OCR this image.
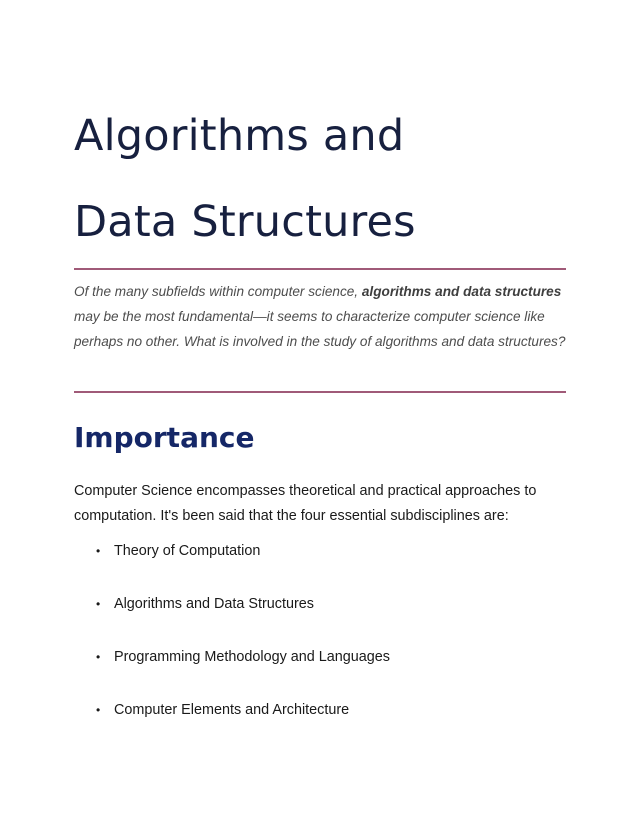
Algorithms and
Data Structures

Of the many subfields within computer science, algorithms and data structures may be the most fundamental—it seems to characterize computer science like perhaps no other. What is involved in the study of algorithms and data structures?

Importance

Computer Science encompasses theoretical and practical approaches to computation. It's been said that the four essential subdisciplines are:

• Theory of Computation
• Algorithms and Data Structures
• Programming Methodology and Languages
• Computer Elements and Architecture
